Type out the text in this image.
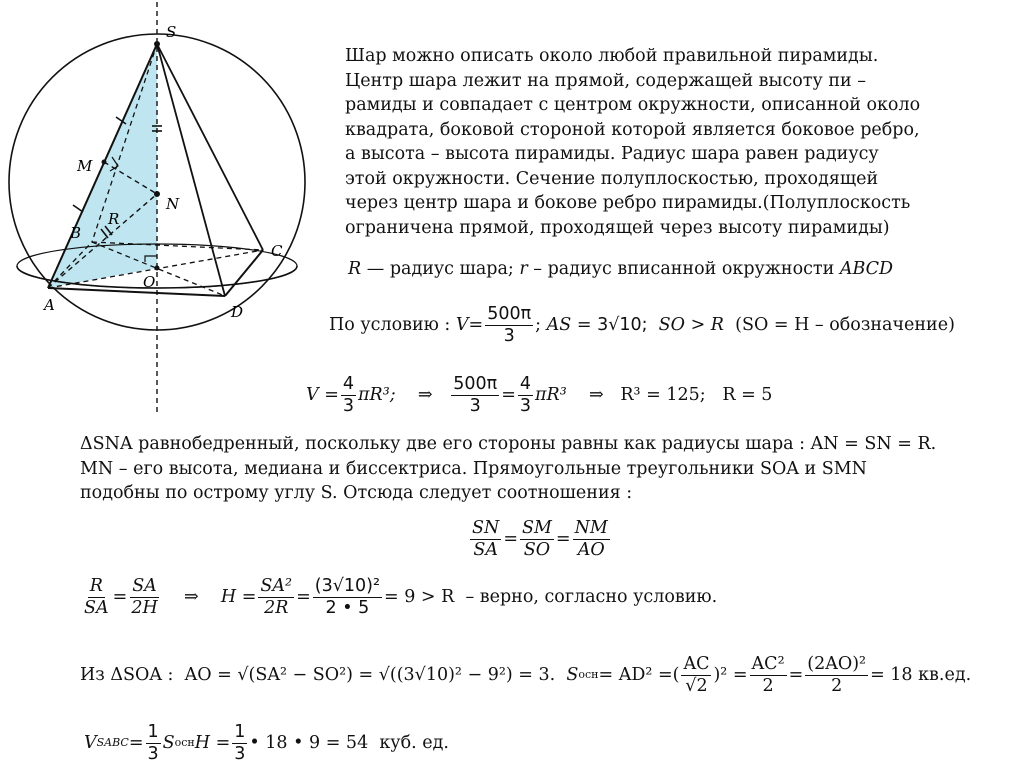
S
M
N
B
R
C
O
A	D

Шар можно описать около любой правильной пирамиды.

Центр шара лежит на прямой, содержащей высоту пи –

рамиды и совпадает с центром окружности, описанной около

квадрата, боковой стороной которой является боковое ребро,

а высота – высота пирамиды. Радиус шара равен радиусу

этой окружности. Сечение полуплоскостью, проходящей

через центр шара и бокове ребро пирамиды.(Полуплоскость

ограничена прямой, проходящей через высоту пирамиды)

R — радиус шара; r – радиус вписанной окружности ABCD
По условию :
$V = \frac{500\pi}{3}$ ; AS = 3√10;
SO > R
(SO = H – обозначение)
$V = \frac{4}{3} \pi R^3$;
⇒
$\frac{500\pi}{3} = \frac{4}{3} \pi R^3$
⇒
R³ = 125;
R = 5

ΔSNA равнобедренный, поскольку две его стороны равны как радиусы шара : AN = SN = R.

MN – его высота, медиана и биссектриса. Прямоугольные треугольники SOA и SMN

подобны по острому углу S. Отсюда следует соотношения :

$\frac{SN}{SA} = \frac{SM}{SO} = \frac{NM}{AO}$
$\frac{R}{SA} = \frac{SA}{2H}$
⇒
$H = \frac{\text{SA²}}{2R} = \frac{\text{(3√10)²}}{2 • 5} = 9 > R$
– верно, согласно условию.
Из ΔSOA :
AO = √(SA² − SO²) = √((3√10)² − 9²) = 3.
S осн = AD² = ( $\frac{AC}{√2}$ ) $^2 = \frac{\text{AC²}}{2} = \frac{\text{(2AO)²}}{2} = 18$ кв.ед.
V SABC = $\frac{1}{3}$ S осн $H = \frac{1}{3}$ • 18 • 9 = 54
куб. ед.
